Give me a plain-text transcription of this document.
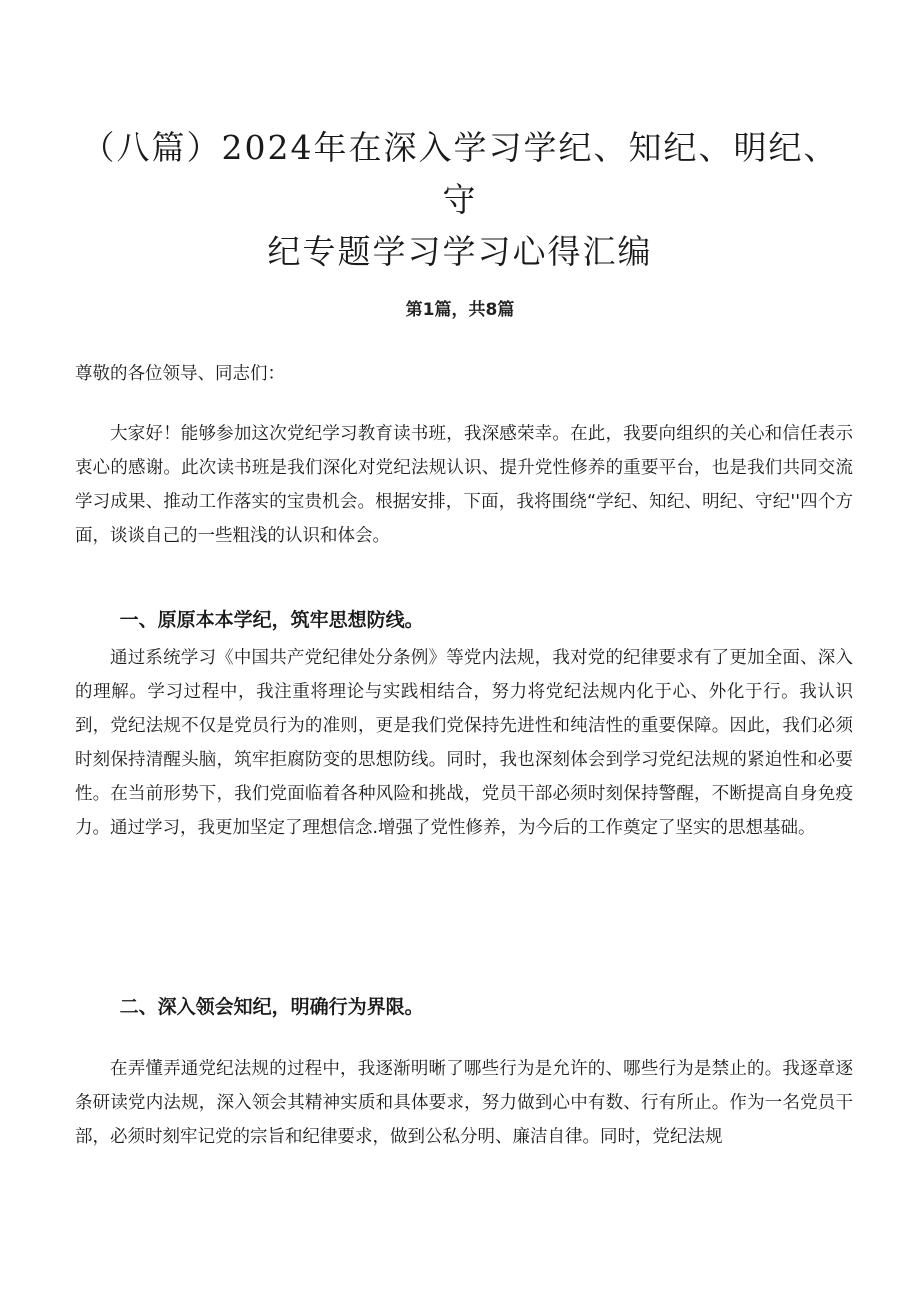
（八篇）2024年在深入学习学纪、知纪、明纪、守
纪专题学习学习心得汇编
第1篇，共8篇

尊敬的各位领导、同志们：

大家好！能够参加这次党纪学习教育读书班，我深感荣幸。在此，我要向组织的关心和信任表示衷心的感谢。此次读书班是我们深化对党纪法规认识、提升党性修养的重要平台，也是我们共同交流学习成果、推动工作落实的宝贵机会。根据安排，下面，我将围绕“学纪、知纪、明纪、守纪''四个方面，谈谈自己的一些粗浅的认识和体会。

一、原原本本学纪，筑牢思想防线。

通过系统学习《中国共产党纪律处分条例》等党内法规，我对党的纪律要求有了更加全面、深入的理解。学习过程中，我注重将理论与实践相结合，努力将党纪法规内化于心、外化于行。我认识到，党纪法规不仅是党员行为的准则，更是我们党保持先进性和纯洁性的重要保障。因此，我们必须时刻保持清醒头脑，筑牢拒腐防变的思想防线。同时，我也深刻体会到学习党纪法规的紧迫性和必要性。在当前形势下，我们党面临着各种风险和挑战，党员干部必须时刻保持警醒，不断提高自身免疫力。通过学习，我更加坚定了理想信念.增强了党性修养，为今后的工作奠定了坚实的思想基础。

二、深入领会知纪，明确行为界限。

在弄懂弄通党纪法规的过程中，我逐渐明晰了哪些行为是允许的、哪些行为是禁止的。我逐章逐条研读党内法规，深入领会其精神实质和具体要求，努力做到心中有数、行有所止。作为一名党员干部，必须时刻牢记党的宗旨和纪律要求，做到公私分明、廉洁自律。同时，党纪法规
